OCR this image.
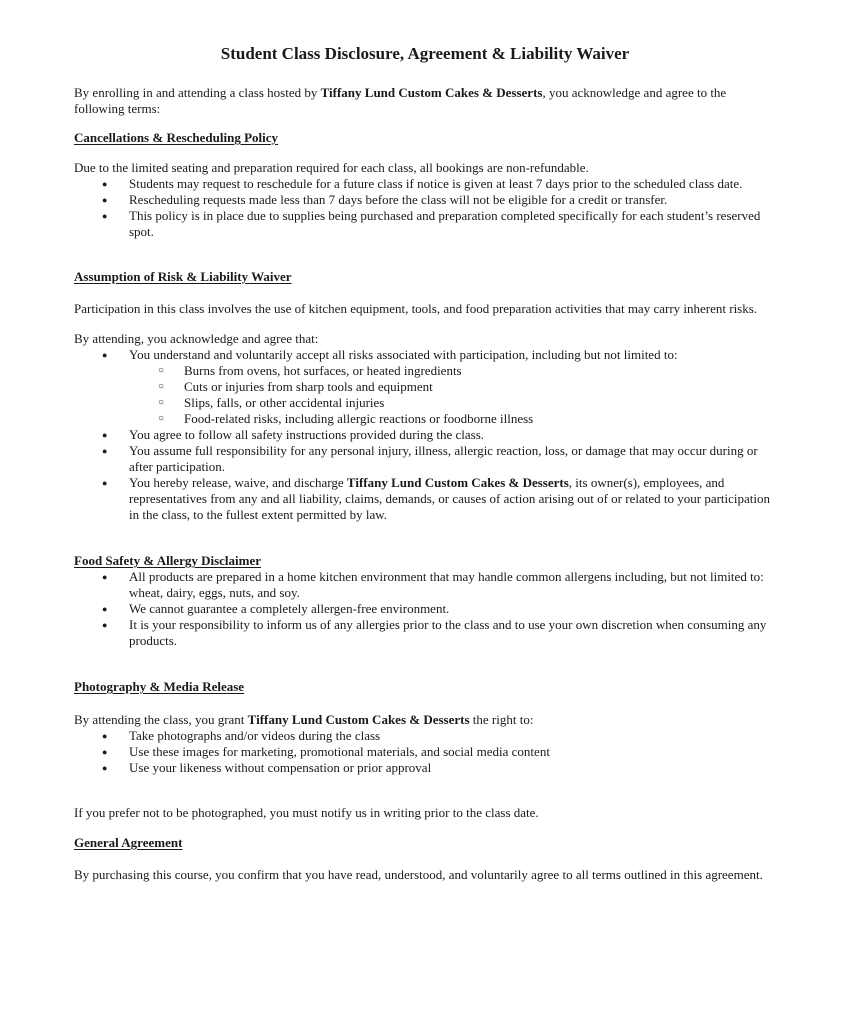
Student Class Disclosure, Agreement & Liability Waiver

By enrolling in and attending a class hosted by Tiffany Lund Custom Cakes & Desserts, you acknowledge and agree to the following terms:

Cancellations & Rescheduling Policy

Due to the limited seating and preparation required for each class, all bookings are non-refundable.

● Students may request to reschedule for a future class if notice is given at least 7 days prior to the scheduled class date.
● Rescheduling requests made less than 7 days before the class will not be eligible for a credit or transfer.
● This policy is in place due to supplies being purchased and preparation completed specifically for each student’s reserved spot.

Assumption of Risk & Liability Waiver

Participation in this class involves the use of kitchen equipment, tools, and food preparation activities that may carry inherent risks.

By attending, you acknowledge and agree that:

● You understand and voluntarily accept all risks associated with participation, including but not limited to:
○ Burns from ovens, hot surfaces, or heated ingredients
○ Cuts or injuries from sharp tools and equipment
○ Slips, falls, or other accidental injuries
○ Food-related risks, including allergic reactions or foodborne illness
● You agree to follow all safety instructions provided during the class.
● You assume full responsibility for any personal injury, illness, allergic reaction, loss, or damage that may occur during or after participation.
● You hereby release, waive, and discharge Tiffany Lund Custom Cakes & Desserts, its owner(s), employees, and representatives from any and all liability, claims, demands, or causes of action arising out of or related to your participation in the class, to the fullest extent permitted by law.

Food Safety & Allergy Disclaimer

● All products are prepared in a home kitchen environment that may handle common allergens including, but not limited to: wheat, dairy, eggs, nuts, and soy.
● We cannot guarantee a completely allergen-free environment.
● It is your responsibility to inform us of any allergies prior to the class and to use your own discretion when consuming any products.

Photography & Media Release

By attending the class, you grant Tiffany Lund Custom Cakes & Desserts the right to:

● Take photographs and/or videos during the class
● Use these images for marketing, promotional materials, and social media content
● Use your likeness without compensation or prior approval

If you prefer not to be photographed, you must notify us in writing prior to the class date.

General Agreement

By purchasing this course, you confirm that you have read, understood, and voluntarily agree to all terms outlined in this agreement.
